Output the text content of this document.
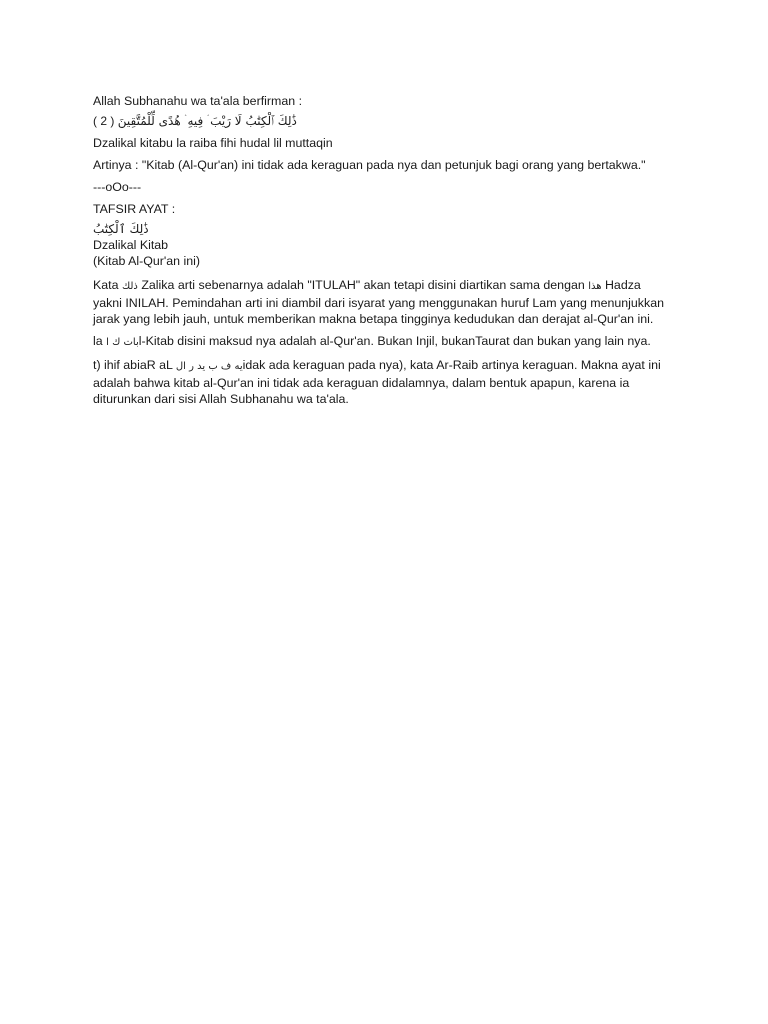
Allah Subhanahu wa ta'ala berfirman :

( 2 ) ذَٰلِكَ ٱلْكِتَٰبُ لَا رَيْبَ ۛ فِيهِ ۛ هُدًى لِّلْمُتَّقِينَ

Dzalikal kitabu la raiba fihi hudal lil muttaqin

Artinya : "Kitab (Al-Qur'an) ini tidak ada keraguan pada nya dan petunjuk bagi orang yang bertakwa."

---oOo---

TAFSIR AYAT :

ذَٰلِكَ ٱلْكِتَٰبُ

Dzalikal Kitab

(Kitab Al-Qur'an ini)

Kata ذلك Zalika arti sebenarnya adalah "ITULAH" akan tetapi disini diartikan sama dengan هذا Hadza yakni INILAH. Pemindahan arti ini diambil dari isyarat yang menggunakan huruf Lam yang menunjukkan jarak yang lebih jauh, untuk memberikan makna betapa tingginya kedudukan dan derajat al-Qur'an ini.

la بات ك اl-Kitab disini maksud nya adalah al-Qur'an. Bukan Injil, bukanTaurat dan bukan yang lain nya.

t) ihif abiaR aL يه ف ب يد ر الidak ada keraguan pada nya), kata Ar-Raib artinya keraguan. Makna ayat ini adalah bahwa kitab al-Qur'an ini tidak ada keraguan didalamnya, dalam bentuk apapun, karena ia diturunkan dari sisi Allah Subhanahu wa ta'ala.
